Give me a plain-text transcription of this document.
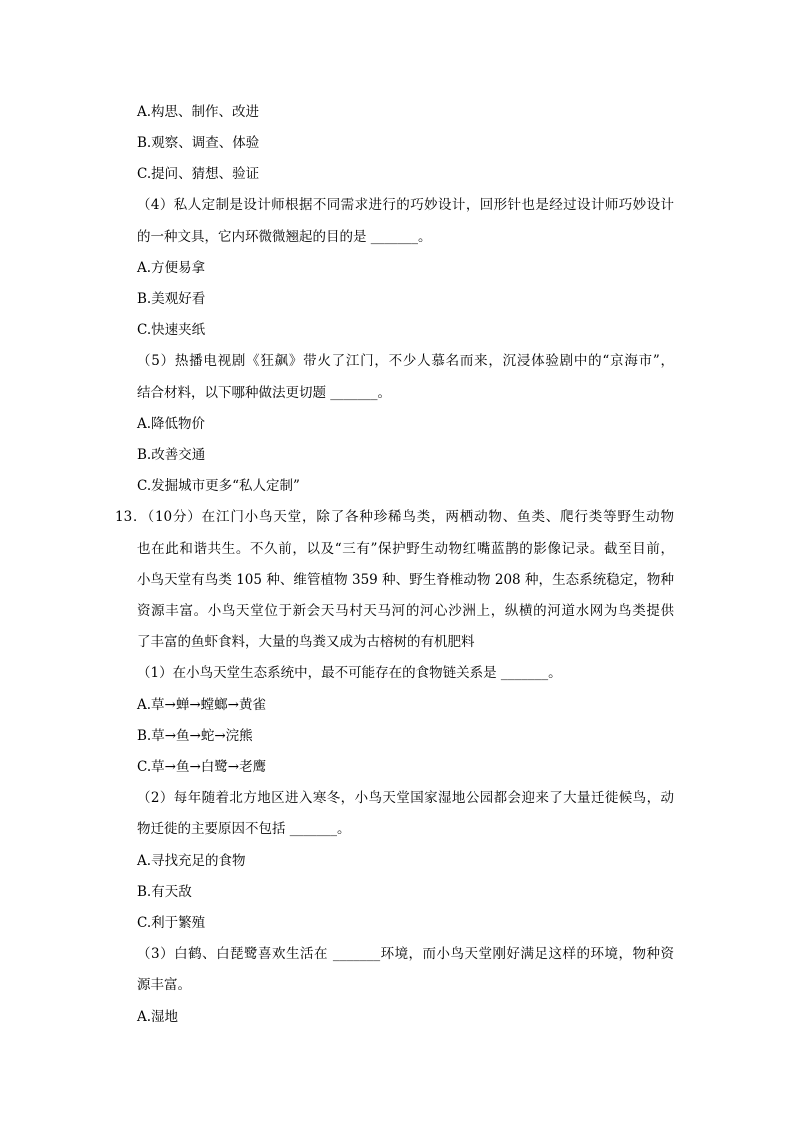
A.构思、制作、改进
B.观察、调查、体验
C.提问、猜想、验证
（4）私人定制是设计师根据不同需求进行的巧妙设计，回形针也是经过设计师巧妙设计
的一种文具，它内环微微翘起的目的是 _______。
A.方便易拿
B.美观好看
C.快速夹纸
（5）热播电视剧《狂飙》带火了江门，不少人慕名而来，沉浸体验剧中的“京海市”，
结合材料，以下哪种做法更切题 _______。
A.降低物价
B.改善交通
C.发掘城市更多“私人定制”
13．（10分）在江门小鸟天堂，除了各种珍稀鸟类，两栖动物、鱼类、爬行类等野生动物
也在此和谐共生。不久前，以及“三有”保护野生动物红嘴蓝鹊的影像记录。截至目前，
小鸟天堂有鸟类 105 种、维管植物 359 种、野生脊椎动物 208 种，生态系统稳定，物种
资源丰富。小鸟天堂位于新会天马村天马河的河心沙洲上，纵横的河道水网为鸟类提供
了丰富的鱼虾食料，大量的鸟粪又成为古榕树的有机肥料
（1）在小鸟天堂生态系统中，最不可能存在的食物链关系是 _______。
A.草→蝉→螳螂→黄雀
B.草→鱼→蛇→浣熊
C.草→鱼→白鹭→老鹰
（2）每年随着北方地区进入寒冬，小鸟天堂国家湿地公园都会迎来了大量迁徙候鸟，动
物迁徙的主要原因不包括 _______。
A.寻找充足的食物
B.有天敌
C.利于繁殖
（3）白鹤、白琵鹭喜欢生活在 _______环境，而小鸟天堂刚好满足这样的环境，物种资
源丰富。
A.湿地
